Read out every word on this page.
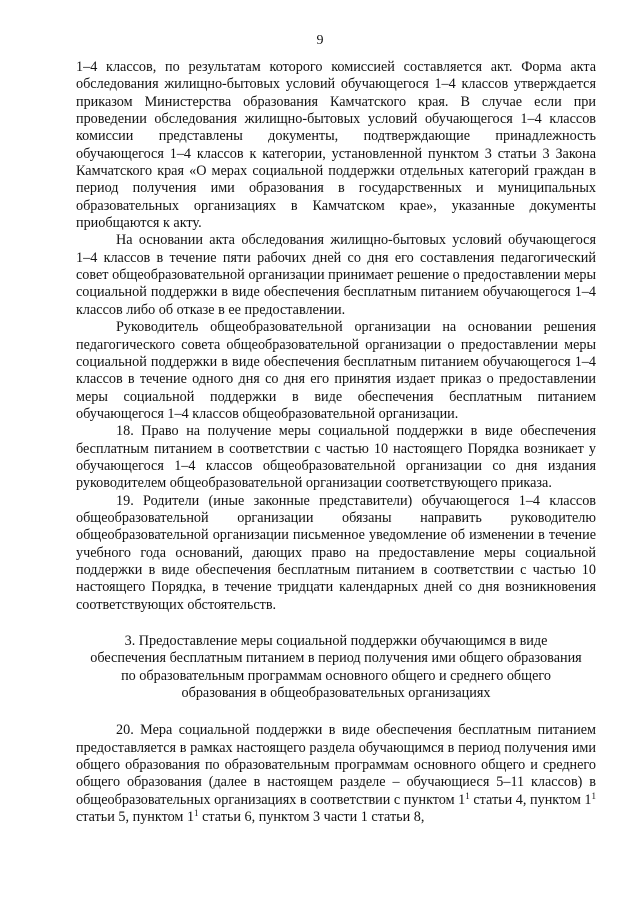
9

1–4 классов, по результатам которого комиссией составляется акт. Форма акта обследования жилищно-бытовых условий обучающегося 1–4 классов утверждается приказом Министерства образования Камчатского края. В случае если при проведении обследования жилищно-бытовых условий обучающегося 1–4 классов комиссии представлены документы, подтверждающие принадлежность обучающегося 1–4 классов к категории, установленной пунктом 3 статьи 3 Закона Камчатского края «О мерах социальной поддержки отдельных категорий граждан в период получения ими образования в государственных и муниципальных образовательных организациях в Камчатском крае», указанные документы приобщаются к акту.

На основании акта обследования жилищно-бытовых условий обучающегося 1–4 классов в течение пяти рабочих дней со дня его составления педагогический совет общеобразовательной организации принимает решение о предоставлении меры социальной поддержки в виде обеспечения бесплатным питанием обучающегося 1–4 классов либо об отказе в ее предоставлении.

Руководитель общеобразовательной организации на основании решения педагогического совета общеобразовательной организации о предоставлении меры социальной поддержки в виде обеспечения бесплатным питанием обучающегося 1–4 классов в течение одного дня со дня его принятия издает приказ о предоставлении меры социальной поддержки в виде обеспечения бесплатным питанием обучающегося 1–4 классов общеобразовательной организации.

18. Право на получение меры социальной поддержки в виде обеспечения бесплатным питанием в соответствии с частью 10 настоящего Порядка возникает у обучающегося 1–4 классов общеобразовательной организации со дня издания руководителем общеобразовательной организации соответствующего приказа.

19. Родители (иные законные представители) обучающегося 1–4 классов общеобразовательной организации обязаны направить руководителю общеобразовательной организации письменное уведомление об изменении в течение учебного года оснований, дающих право на предоставление меры социальной поддержки в виде обеспечения бесплатным питанием в соответствии с частью 10 настоящего Порядка, в течение тридцати календарных дней со дня возникновения соответствующих обстоятельств.

3. Предоставление меры социальной поддержки обучающимся в виде обеспечения бесплатным питанием в период получения ими общего образования по образовательным программам основного общего и среднего общего образования в общеобразовательных организациях

20. Мера социальной поддержки в виде обеспечения бесплатным питанием предоставляется в рамках настоящего раздела обучающимся в период получения ими общего образования по образовательным программам основного общего и среднего общего образования (далее в настоящем разделе – обучающиеся 5–11 классов) в общеобразовательных организациях в соответствии с пунктом $1^1$ статьи 4, пунктом $1^1$ статьи 5, пунктом $1^1$ статьи 6, пунктом 3 части 1 статьи 8,
